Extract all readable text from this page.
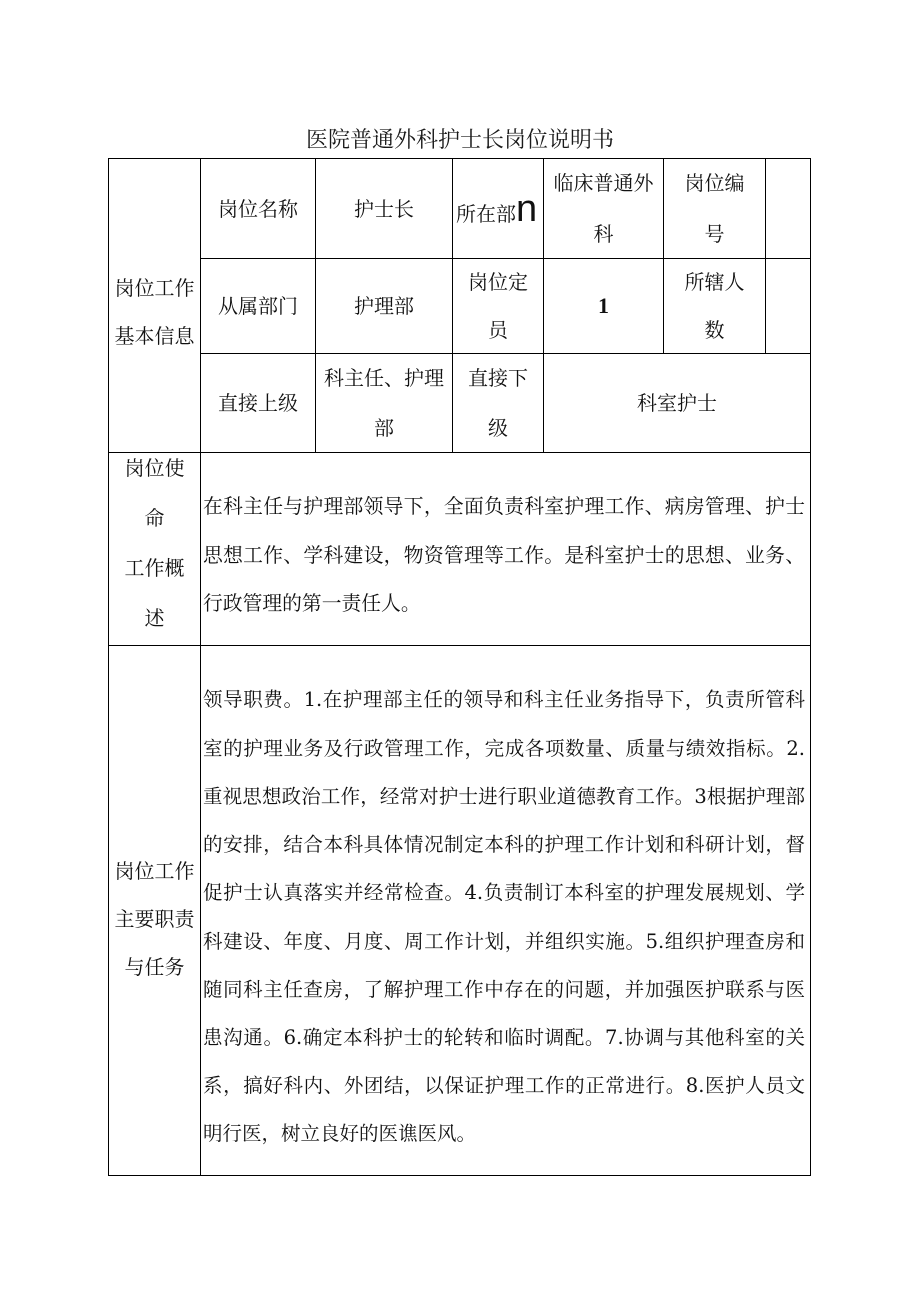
医院普通外科护士长岗位说明书
岗位工作
基本信息
岗位名称	护士长 所在部 n
临床普通外
科
岗位编
号
从属部门	护理部
岗位定
员
1
所辖人
数
直接上级
科主任、护理
部
直接下
级
科室护士
岗位使
命
工作概
述
在科主任与护理部领导下，全面负责科室护理工作、病房管理、护士
思想工作、学科建设，物资管理等工作。是科室护士的思想、业务、
行政管理的第一责任人。
岗位工作
主要职责
与任务
领导职费。1.在护理部主任的领导和科主任业务指导下，负责所管科
室的护理业务及行政管理工作，完成各项数量、质量与绩效指标。2.
重视思想政治工作，经常对护士进行职业道德教育工作。3根据护理部
的安排，结合本科具体情况制定本科的护理工作计划和科研计划，督
促护士认真落实并经常检查。4.负责制订本科室的护理发展规划、学
科建设、年度、月度、周工作计划，并组织实施。5.组织护理查房和
随同科主任查房，了解护理工作中存在的问题，并加强医护联系与医
患沟通。6.确定本科护士的轮转和临时调配。7.协调与其他科室的关
系，搞好科内、外团结，以保证护理工作的正常进行。8.医护人员文
明行医，树立良好的医谯医风。
